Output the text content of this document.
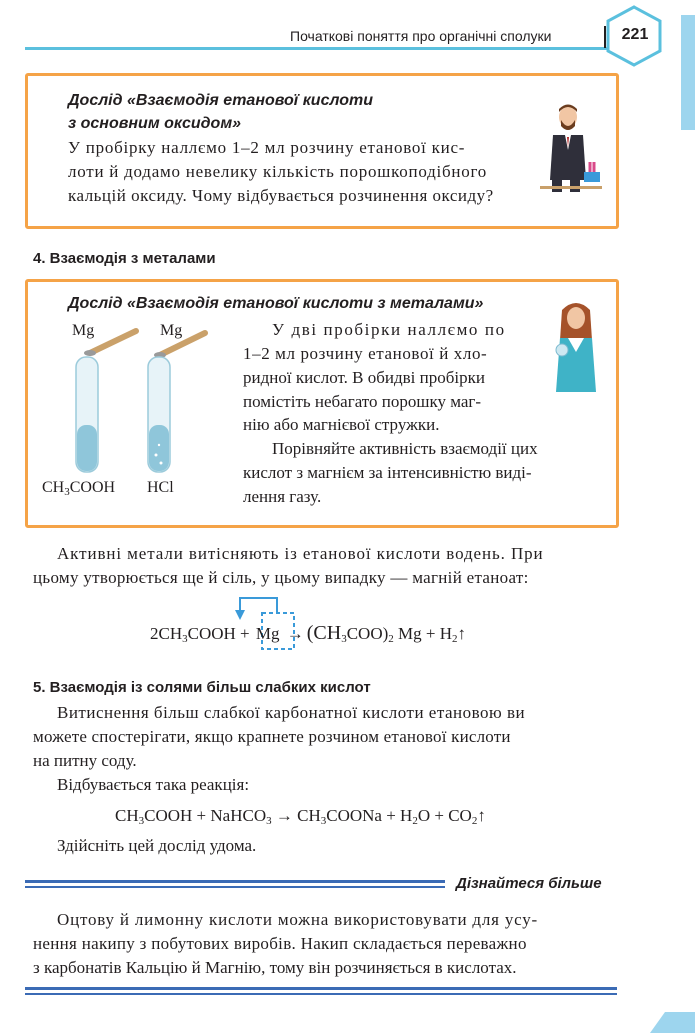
Початкові поняття про органічні сполуки	221
Дослід «Взаємодія етанової кислоти
з основним оксидом»
У пробірку наллємо 1–2 мл розчину етанової кис-
лоти й додамо невелику кількість порошкоподібного
кальцій оксиду. Чому відбувається розчинення оксиду?
4. Взаємодія з металами
Дослід «Взаємодія етанової кислоти з металами»
Mg	Mg
$CH_3COOH$ HCl
У дві пробірки наллємо по
1–2 мл розчину етанової й хло-
ридної кислот. В обидві пробірки
помістіть небагато порошку маг-
нію або магнієвої стружки.
Порівняйте активність взаємодії цих
кислот з магнієм за інтенсивністю виді-
лення газу.
Активні метали витісняють із етанової кислоти водень. При
цьому утворюється ще й сіль, у цьому випадку — магній етаноат:
$2CH_3COOH + Mg \to (CH_3COO)_2$ $Mg + H_2↑$
5. Взаємодія із солями більш слабких кислот
Витиснення більш слабкої карбонатної кислоти етановою ви
можете спостерігати, якщо крапнете розчином етанової кислоти
на питну соду.
Відбувається така реакція:
$CH_3COOH$ + NaHCO$_3$ → $CH_3COONa + H_2O$ + $CO_2↑$
Здійсніть цей дослід удома.
Дізнайтеся більше
Оцтову й лимонну кислоти можна використовувати для усу-
нення накипу з побутових виробів. Накип складається переважно
з карбонатів Кальцію й Магнію, тому він розчиняється в кислотах.
